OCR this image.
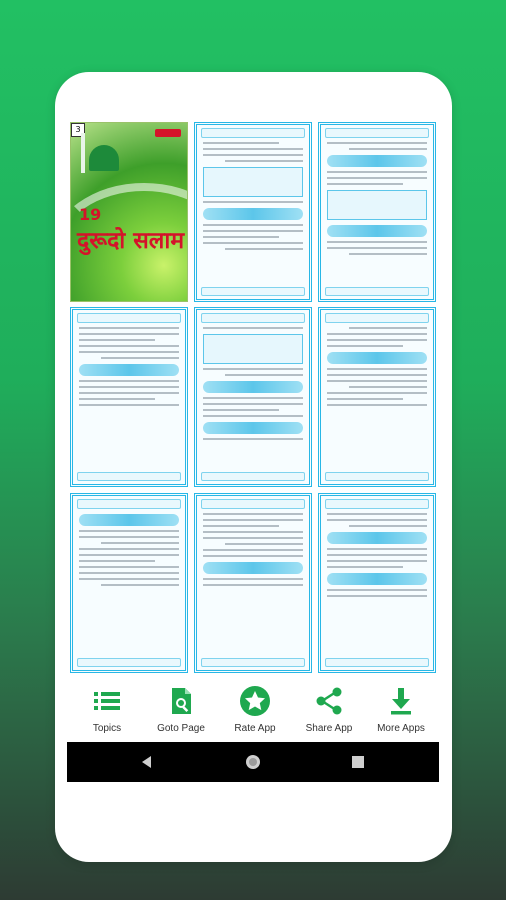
3
19
दुरूदो सलाम
Topics	Goto Page	Rate App	Share App	More Apps
